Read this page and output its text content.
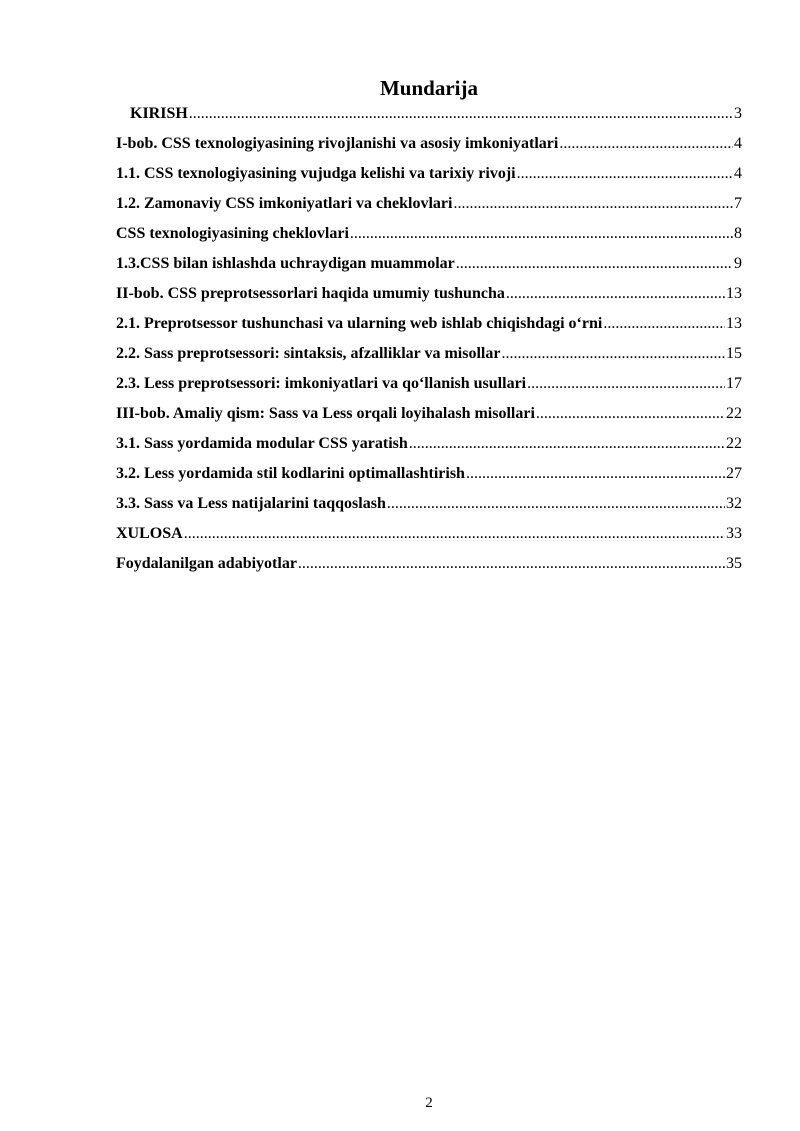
Mundarija
KIRISH .....	3
I-bob. CSS texnologiyasining rivojlanishi va asosiy imkoniyatlari .....	4
1.1. CSS texnologiyasining vujudga kelishi va tarixiy rivoji .....	4
1.2. Zamonaviy CSS imkoniyatlari va cheklovlari .....	7
CSS texnologiyasining cheklovlari .....	8
1.3.CSS bilan ishlashda uchraydigan muammolar .....	9
II-bob. CSS preprotsessorlari haqida umumiy tushuncha .....	13
2.1. Preprotsessor tushunchasi va ularning web ishlab chiqishdagi o‘rni .....	13
2.2. Sass preprotsessori: sintaksis, afzalliklar va misollar .....	15
2.3. Less preprotsessori: imkoniyatlari va qo‘llanish usullari .....	17
III-bob. Amaliy qism: Sass va Less orqali loyihalash misollari .....	22
3.1. Sass yordamida modular CSS yaratish .....	22
3.2. Less yordamida stil kodlarini optimallashtirish .....	27
3.3. Sass va Less natijalarini taqqoslash .....	32
XULOSA .....	33
Foydalanilgan adabiyotlar .....	35
2
